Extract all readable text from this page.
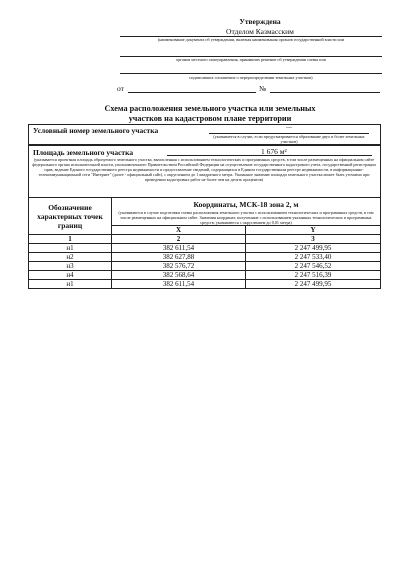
Утверждена
Отделом Казмасским
(наименование документа об утверждении, включая наименования органов государственной власти или
органов местного самоуправления, принявших решение об утверждении схемы или
подписавших соглашение о перераспределении земельных участков)
от	№
Схема расположения земельного участка или земельных
участков на кадастровом плане территории
Условный номер земельного участка	—
(указывается в случае, если предусматривается образование двух и более земельных участков)
Площадь земельного участка	1 676 м²
(указывается проектная площадь образуемого земельного участка, вычисленная с использованием технологических и программных средств, в том числе размещенных на официальном сайте федерального органа исполнительной власти, уполномоченного Правительством Российской Федерации на осуществление государственного кадастрового учета, государственной регистрации прав, ведение Единого государственного реестра недвижимости и предоставление сведений, содержащихся в Едином государственном реестре недвижимости, в информационно-телекоммуникационной сети "Интернет" (далее - официальный сайт), с округлением до 1 квадратного метра. Указанное значение площади земельного участка может быть уточнено при проведении кадастровых работ не более чем на десять процентов)
Обозначение характерных точек границ	Координаты, МСК-18 зона 2, м
(указываются в случае подготовки схемы расположения земельного участка с использованием технологических и программных средств, в том числе размещенных на официальном сайте. Значения координат, полученные с использованием указанных технологических и программных средств, указываются с округлением до 0,01 метра)	

	X	Y
1	2	3
н1	382 611,54	2 247 499,95
н2	382 627,88	2 247 533,40
н3	382 576,72	2 247 546,52
н4	382 568,64	2 247 516,39
н1	382 611,54	2 247 499,95
